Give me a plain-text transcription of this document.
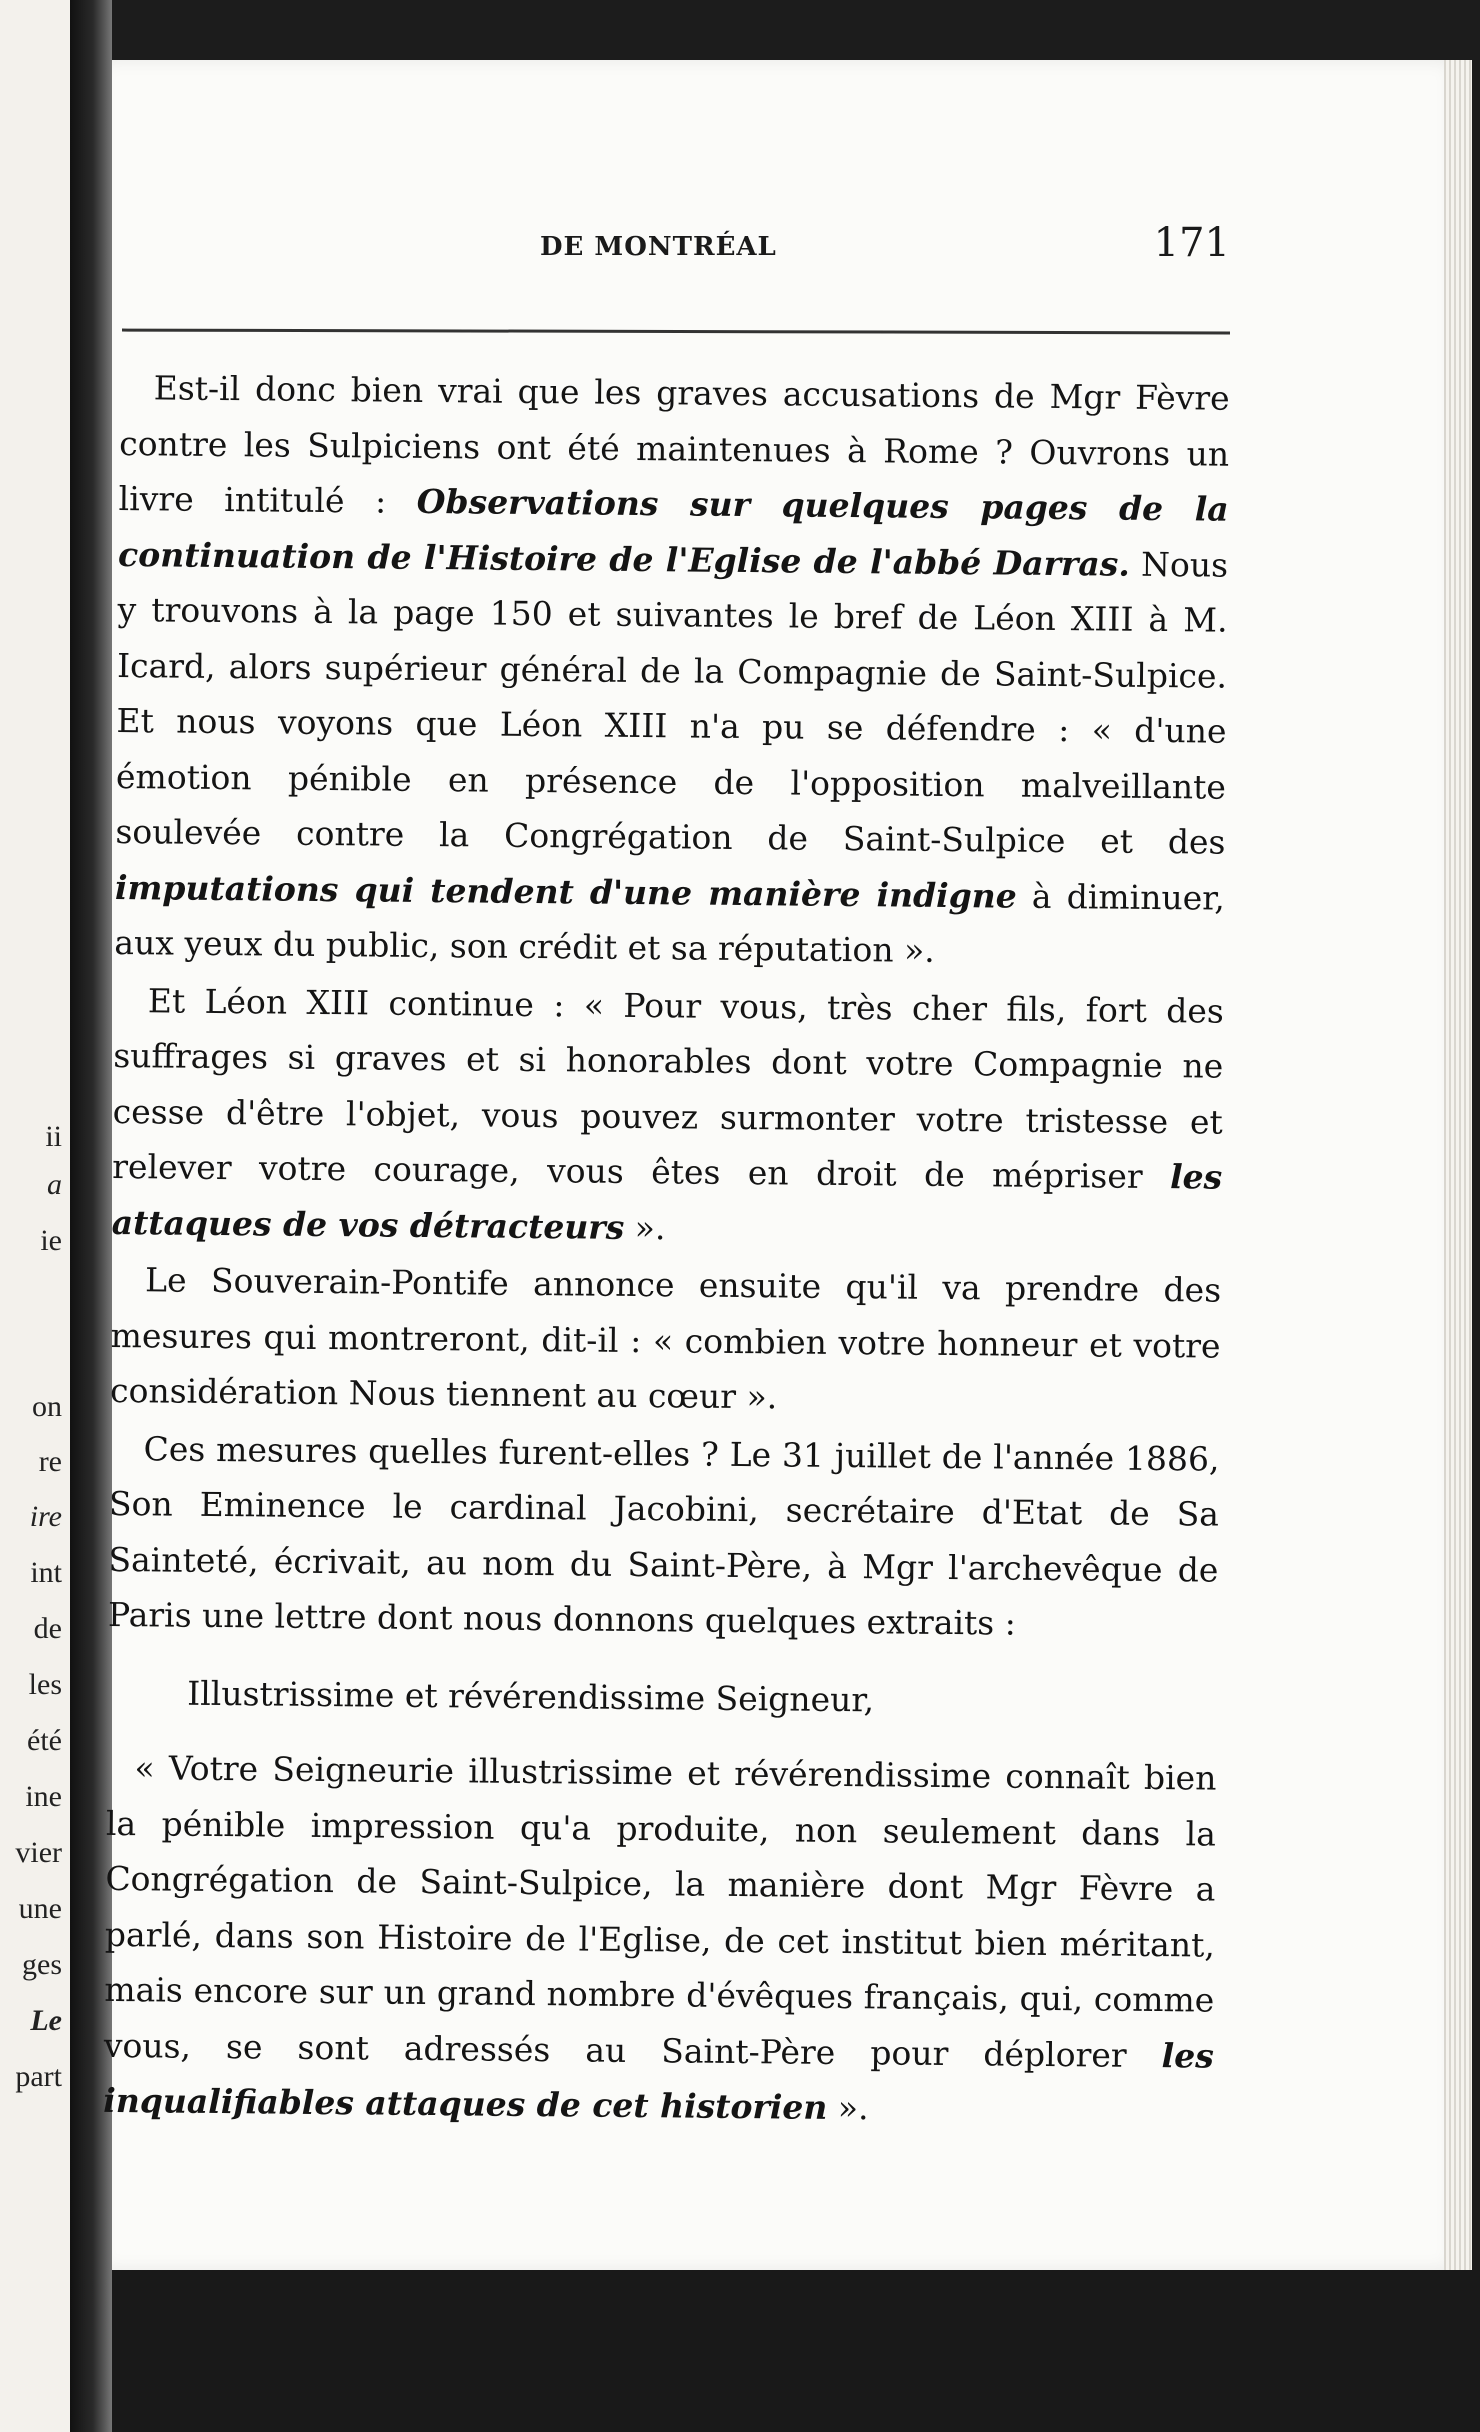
ii
a
ie
on
re
ire
int
de
les
été
ine
vier
une
ges
Le
part
DE MONTRÉAL	171

Est-il donc bien vrai que les graves accusations de Mgr Fèvre contre les Sulpiciens ont été maintenues à Rome ? Ouvrons un livre intitulé : Observations sur quelques pages de la continuation de l'Histoire de l'Eglise de l'abbé Darras. Nous y trouvons à la page 150 et suivantes le bref de Léon XIII à M. Icard, alors supérieur général de la Compagnie de Saint-Sulpice. Et nous voyons que Léon XIII n'a pu se défendre : « d'une émotion pénible en présence de l'opposition malveillante soulevée contre la Congrégation de Saint-Sulpice et des imputations qui tendent d'une manière indigne à diminuer, aux yeux du public, son crédit et sa réputation ».

Et Léon XIII continue : « Pour vous, très cher fils, fort des suffrages si graves et si honorables dont votre Compagnie ne cesse d'être l'objet, vous pouvez surmonter votre tristesse et relever votre courage, vous êtes en droit de mépriser les attaques de vos détracteurs ».

Le Souverain-Pontife annonce ensuite qu'il va prendre des mesures qui montreront, dit-il : « combien votre honneur et votre considération Nous tiennent au cœur ».

Ces mesures quelles furent-elles ? Le 31 juillet de l'année 1886, Son Eminence le cardinal Jacobini, secrétaire d'Etat de Sa Sainteté, écrivait, au nom du Saint-Père, à Mgr l'archevêque de Paris une lettre dont nous donnons quelques extraits :

Illustrissime et révérendissime Seigneur,

« Votre Seigneurie illustrissime et révérendissime connaît bien la pénible impression qu'a produite, non seulement dans la Congrégation de Saint-Sulpice, la manière dont Mgr Fèvre a parlé, dans son Histoire de l'Eglise, de cet institut bien méritant, mais encore sur un grand nombre d'évêques français, qui, comme vous, se sont adressés au Saint-Père pour déplorer les inqualifiables attaques de cet historien ».
